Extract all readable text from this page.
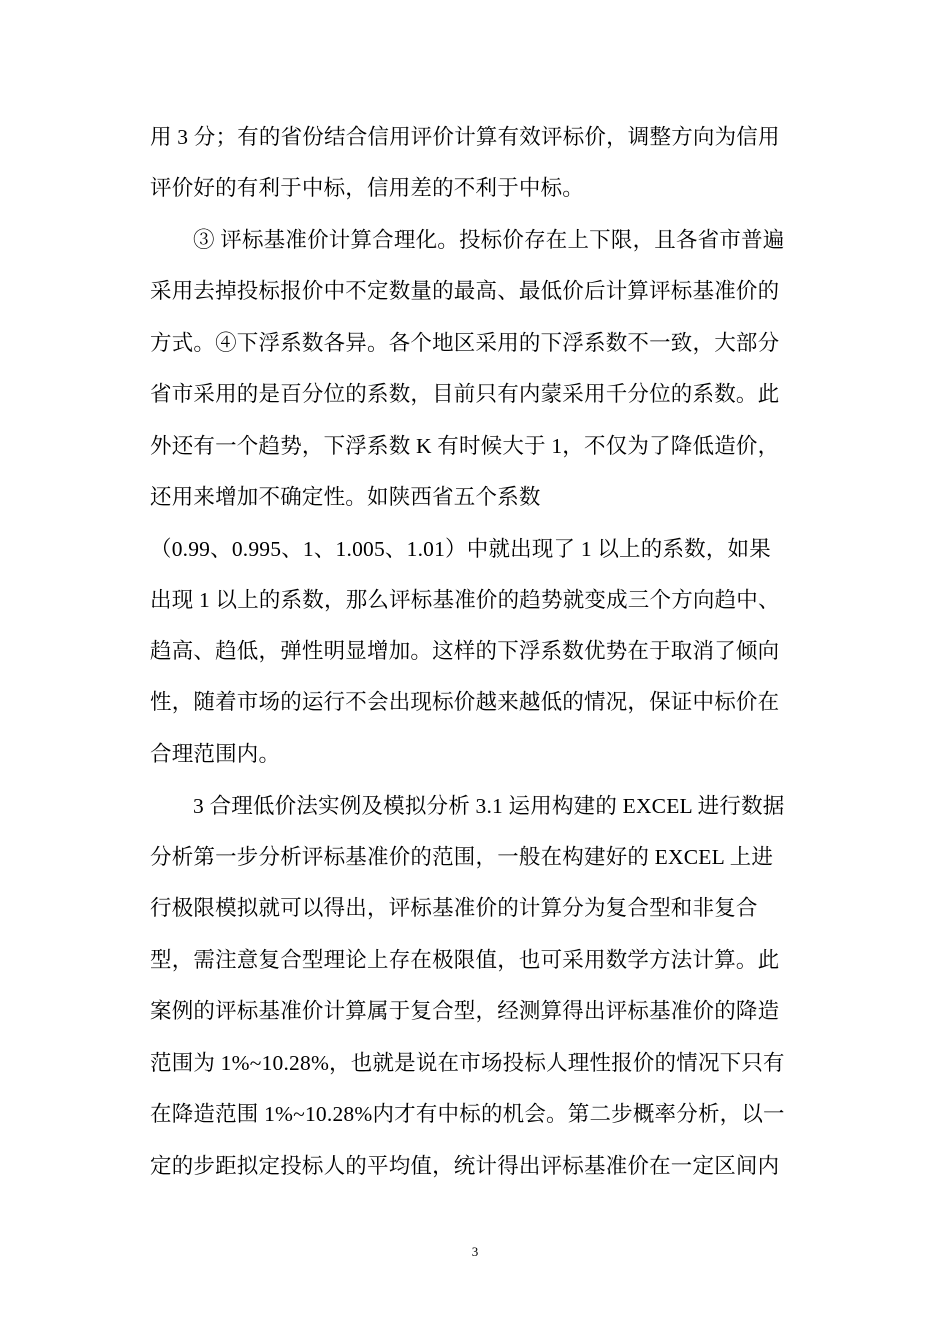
用 3 分；有的省份结合信用评价计算有效评标价，调整方向为信用
评价好的有利于中标，信用差的不利于中标。
③ 评标基准价计算合理化。投标价存在上下限，且各省市普遍
采用去掉投标报价中不定数量的最高、最低价后计算评标基准价的
方式。④下浮系数各异。各个地区采用的下浮系数不一致，大部分
省市采用的是百分位的系数，目前只有内蒙采用千分位的系数。此
外还有一个趋势，下浮系数 K 有时候大于 1，不仅为了降低造价，
还用来增加不确定性。如陕西省五个系数
（0.99、0.995、1、1.005、1.01）中就出现了 1 以上的系数，如果
出现 1 以上的系数，那么评标基准价的趋势就变成三个方向趋中、
趋高、趋低，弹性明显增加。这样的下浮系数优势在于取消了倾向
性，随着市场的运行不会出现标价越来越低的情况，保证中标价在
合理范围内。
3 合理低价法实例及模拟分析 3.1 运用构建的 EXCEL 进行数据
分析第一步分析评标基准价的范围，一般在构建好的 EXCEL 上进
行极限模拟就可以得出，评标基准价的计算分为复合型和非复合
型，需注意复合型理论上存在极限值，也可采用数学方法计算。此
案例的评标基准价计算属于复合型，经测算得出评标基准价的降造
范围为 1%~10.28%，也就是说在市场投标人理性报价的情况下只有
在降造范围 1%~10.28%内才有中标的机会。第二步概率分析，以一
定的步距拟定投标人的平均值，统计得出评标基准价在一定区间内
3
